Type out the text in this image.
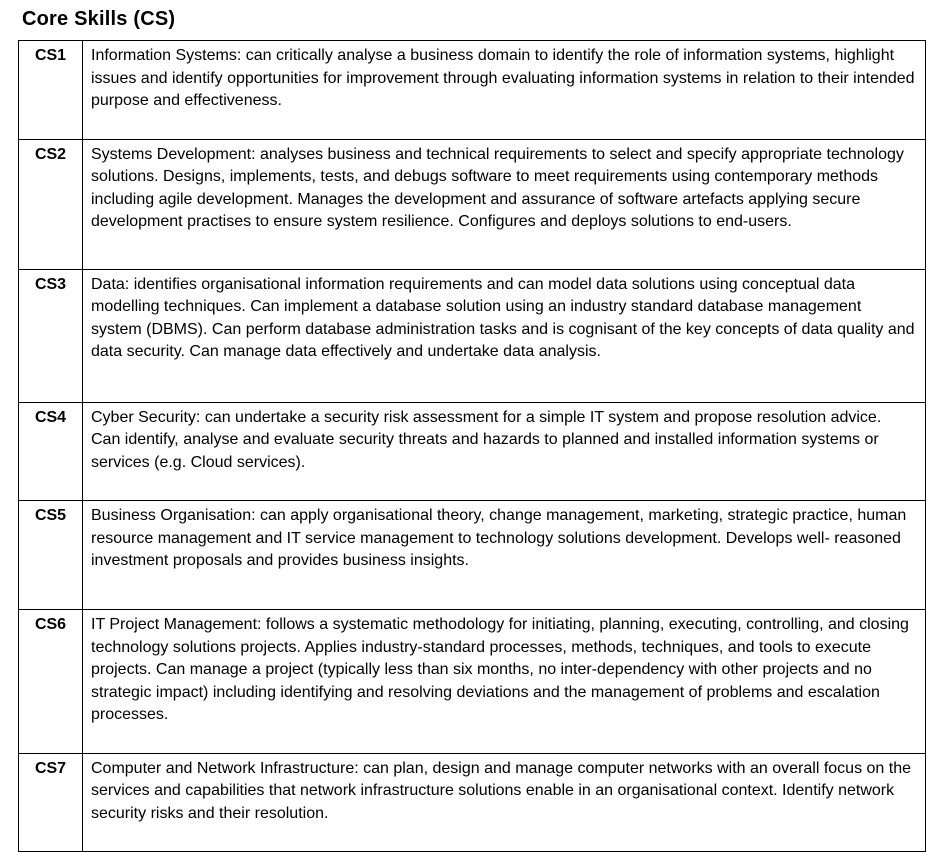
Core Skills (CS)
CS1	Information Systems: can critically analyse a business domain to identify the role of information systems, highlight issues and identify opportunities for improvement through evaluating information systems in relation to their intended purpose and effectiveness.
CS2	Systems Development: analyses business and technical requirements to select and specify appropriate technology solutions. Designs, implements, tests, and debugs software to meet requirements using contemporary methods including agile development. Manages the development and assurance of software artefacts applying secure development practises to ensure system resilience. Configures and deploys solutions to end-users.
CS3	Data: identifies organisational information requirements and can model data solutions using conceptual data modelling techniques. Can implement a database solution using an industry standard database management system (DBMS). Can perform database administration tasks and is cognisant of the key concepts of data quality and data security. Can manage data effectively and undertake data analysis.
CS4	Cyber Security: can undertake a security risk assessment for a simple IT system and propose resolution advice. Can identify, analyse and evaluate security threats and hazards to planned and installed information systems or services (e.g. Cloud services).
CS5	Business Organisation: can apply organisational theory, change management, marketing, strategic practice, human resource management and IT service management to technology solutions development. Develops well- reasoned investment proposals and provides business insights.
CS6	IT Project Management: follows a systematic methodology for initiating, planning, executing, controlling, and closing technology solutions projects. Applies industry-standard processes, methods, techniques, and tools to execute projects. Can manage a project (typically less than six months, no inter-dependency with other projects and no strategic impact) including identifying and resolving deviations and the management of problems and escalation processes.
CS7	Computer and Network Infrastructure: can plan, design and manage computer networks with an overall focus on the services and capabilities that network infrastructure solutions enable in an organisational context. Identify network security risks and their resolution.
